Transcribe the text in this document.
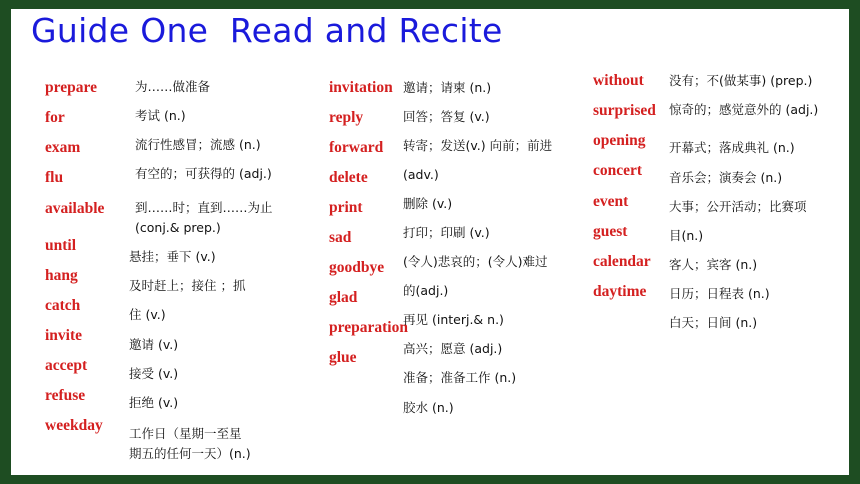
Guide One  Read and Recite
prepare
for
exam
flu
available
until
hang
catch
invite
accept
refuse
weekday
为……做准备
考试 (n.)
流行性感冒；流感 (n.)
有空的；可获得的 (adj.)
到……时；直到……为止
(conj.& prep.)
悬挂；垂下 (v.)
及时赶上；接住 ；抓
住 (v.)
邀请 (v.)
接受 (v.)
拒绝 (v.)
工作日（星期一至星
期五的任何一天）(n.)
invitation
reply
forward
delete
print
sad
goodbye
glad
preparation
glue
邀请；请柬 (n.)
回答；答复 (v.)
转寄；发送(v.) 向前；前进
(adv.)
删除 (v.)
打印；印刷 (v.)
(令人)悲哀的；(令人)难过
的(adj.)
再见 (interj.& n.)
高兴；愿意 (adj.)
准备；准备工作 (n.)
胶水 (n.)
without
surprised
opening
concert
event
guest
calendar
daytime
没有；不(做某事) (prep.)
惊奇的；感觉意外的 (adj.)
开幕式；落成典礼 (n.)
音乐会；演奏会 (n.)
大事；公开活动；比赛项
目(n.)
客人；宾客 (n.)
日历；日程表 (n.)
白天；日间 (n.)
